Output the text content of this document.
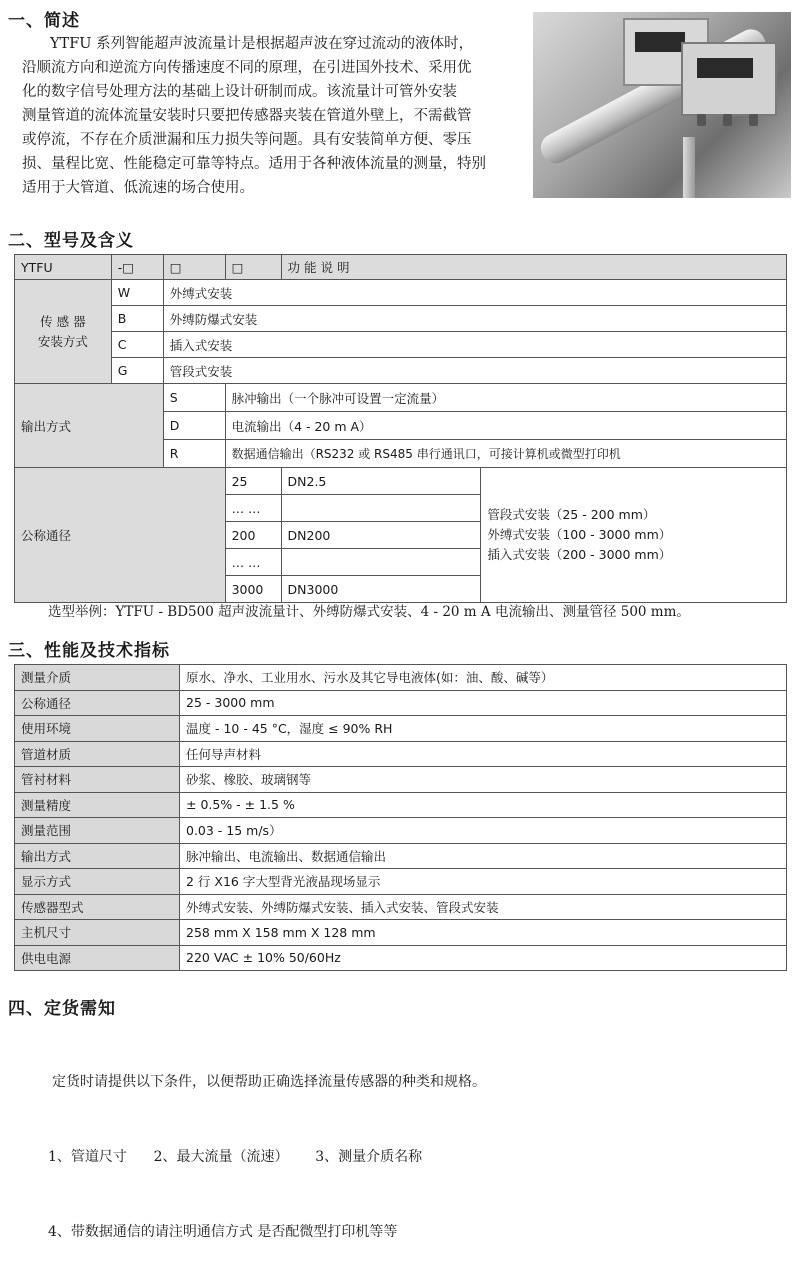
一、简述
YTFU 系列智能超声波流量计是根据超声波在穿过流动的液体时，
沿顺流方向和逆流方向传播速度不同的原理，在引进国外技术、采用优
化的数字信号处理方法的基础上设计研制而成。该流量计可管外安装
测量管道的流体流量安装时只要把传感器夹装在管道外壁上，不需截管
或停流，不存在介质泄漏和压力损失等问题。具有安装简单方便、零压
损、量程比宽、性能稳定可靠等特点。适用于各种液体流量的测量，特别
适用于大管道、低流速的场合使用。
二、型号及含义
YTFU	-□	□	□	功 能 说 明	
传 感 器
安装方式	W	外缚式安装			
	B	外缚防爆式安装			
	C	插入式安装			
	G	管段式安装			
输出方式		S	脉冲输出（一个脉冲可设置一定流量）		
		D	电流输出（4 - 20 m A）		
		R	数据通信输出（RS232 或 RS485 串行通讯口，可接计算机或微型打印机		
公称通径			25	DN2.5	管段式安装（25 - 200 mm）
外缚式安装（100 - 3000 mm）
插入式安装（200 - 3000 mm）

			… …		
			200	DN200	
			… …		
			3000	DN3000	
选型举例：YTFU - BD500 超声波流量计、外缚防爆式安装、4 - 20 m A 电流输出、测量管径 500 mm。
三、性能及技术指标
测量介质	原水、净水、工业用水、污水及其它导电液体(如：油、酸、碱等）
公称通径	25 - 3000 mm
使用环境	温度 - 10 - 45 °C，湿度 ≤ 90% RH
管道材质	任何导声材料
管衬材料	砂浆、橡胶、玻璃钢等
测量精度	± 0.5% - ± 1.5 %
测量范围	0.03 - 15 m/s）
输出方式	脉冲输出、电流输出、数据通信输出
显示方式	2 行 X16 字大型背光液晶现场显示
传感器型式	外缚式安装、外缚防爆式安装、插入式安装、管段式安装
主机尺寸	258 mm X 158 mm X 128 mm
供电电源	220 VAC ± 10% 50/60Hz
四、定货需知

定货时请提供以下条件，以便帮助正确选择流量传感器的种类和规格。

1、管道尺寸      2、最大流量（流速）      3、测量介质名称

4、带数据通信的请注明通信方式 是否配微型打印机等等
